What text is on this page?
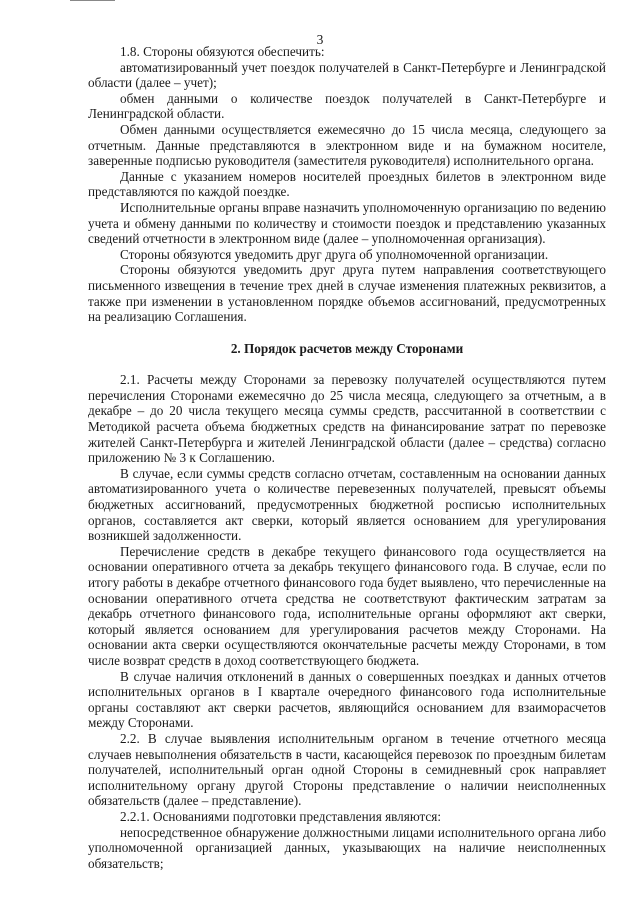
3

1.8. Стороны обязуются обеспечить:

автоматизированный учет поездок получателей в Санкт-Петербурге и Ленинградской области (далее – учет);

обмен данными о количестве поездок получателей в Санкт-Петербурге и Ленинградской области.

Обмен данными осуществляется ежемесячно до 15 числа месяца, следующего за отчетным. Данные представляются в электронном виде и на бумажном носителе, заверенные подписью руководителя (заместителя руководителя) исполнительного органа.

Данные с указанием номеров носителей проездных билетов в электронном виде представляются по каждой поездке.

Исполнительные органы вправе назначить уполномоченную организацию по ведению учета и обмену данными по количеству и стоимости поездок и представлению указанных сведений отчетности в электронном виде (далее – уполномоченная организация).

Стороны обязуются уведомить друг друга об уполномоченной организации.

Стороны обязуются уведомить друг друга путем направления соответствующего письменного извещения в течение трех дней в случае изменения платежных реквизитов, а также при изменении в установленном порядке объемов ассигнований, предусмотренных на реализацию Соглашения.

2. Порядок расчетов между Сторонами

2.1. Расчеты между Сторонами за перевозку получателей осуществляются путем перечисления Сторонами ежемесячно до 25 числа месяца, следующего за отчетным, а в декабре – до 20 числа текущего месяца суммы средств, рассчитанной в соответствии с Методикой расчета объема бюджетных средств на финансирование затрат по перевозке жителей Санкт-Петербурга и жителей Ленинградской области (далее – средства) согласно приложению № 3 к Соглашению.

В случае, если суммы средств согласно отчетам, составленным на основании данных автоматизированного учета о количестве перевезенных получателей, превысят объемы бюджетных ассигнований, предусмотренных бюджетной росписью исполнительных органов, составляется акт сверки, который является основанием для урегулирования возникшей задолженности.

Перечисление средств в декабре текущего финансового года осуществляется на основании оперативного отчета за декабрь текущего финансового года. В случае, если по итогу работы в декабре отчетного финансового года будет выявлено, что перечисленные на основании оперативного отчета средства не соответствуют фактическим затратам за декабрь отчетного финансового года, исполнительные органы оформляют акт сверки, который является основанием для урегулирования расчетов между Сторонами. На основании акта сверки осуществляются окончательные расчеты между Сторонами, в том числе возврат средств в доход соответствующего бюджета.

В случае наличия отклонений в данных о совершенных поездках и данных отчетов исполнительных органов в I квартале очередного финансового года исполнительные органы составляют акт сверки расчетов, являющийся основанием для взаиморасчетов между Сторонами.

2.2. В случае выявления исполнительным органом в течение отчетного месяца случаев невыполнения обязательств в части, касающейся перевозок по проездным билетам получателей, исполнительный орган одной Стороны в семидневный срок направляет исполнительному органу другой Стороны представление о наличии неисполненных обязательств (далее – представление).

2.2.1. Основаниями подготовки представления являются:

непосредственное обнаружение должностными лицами исполнительного органа либо уполномоченной организацией данных, указывающих на наличие неисполненных обязательств;
